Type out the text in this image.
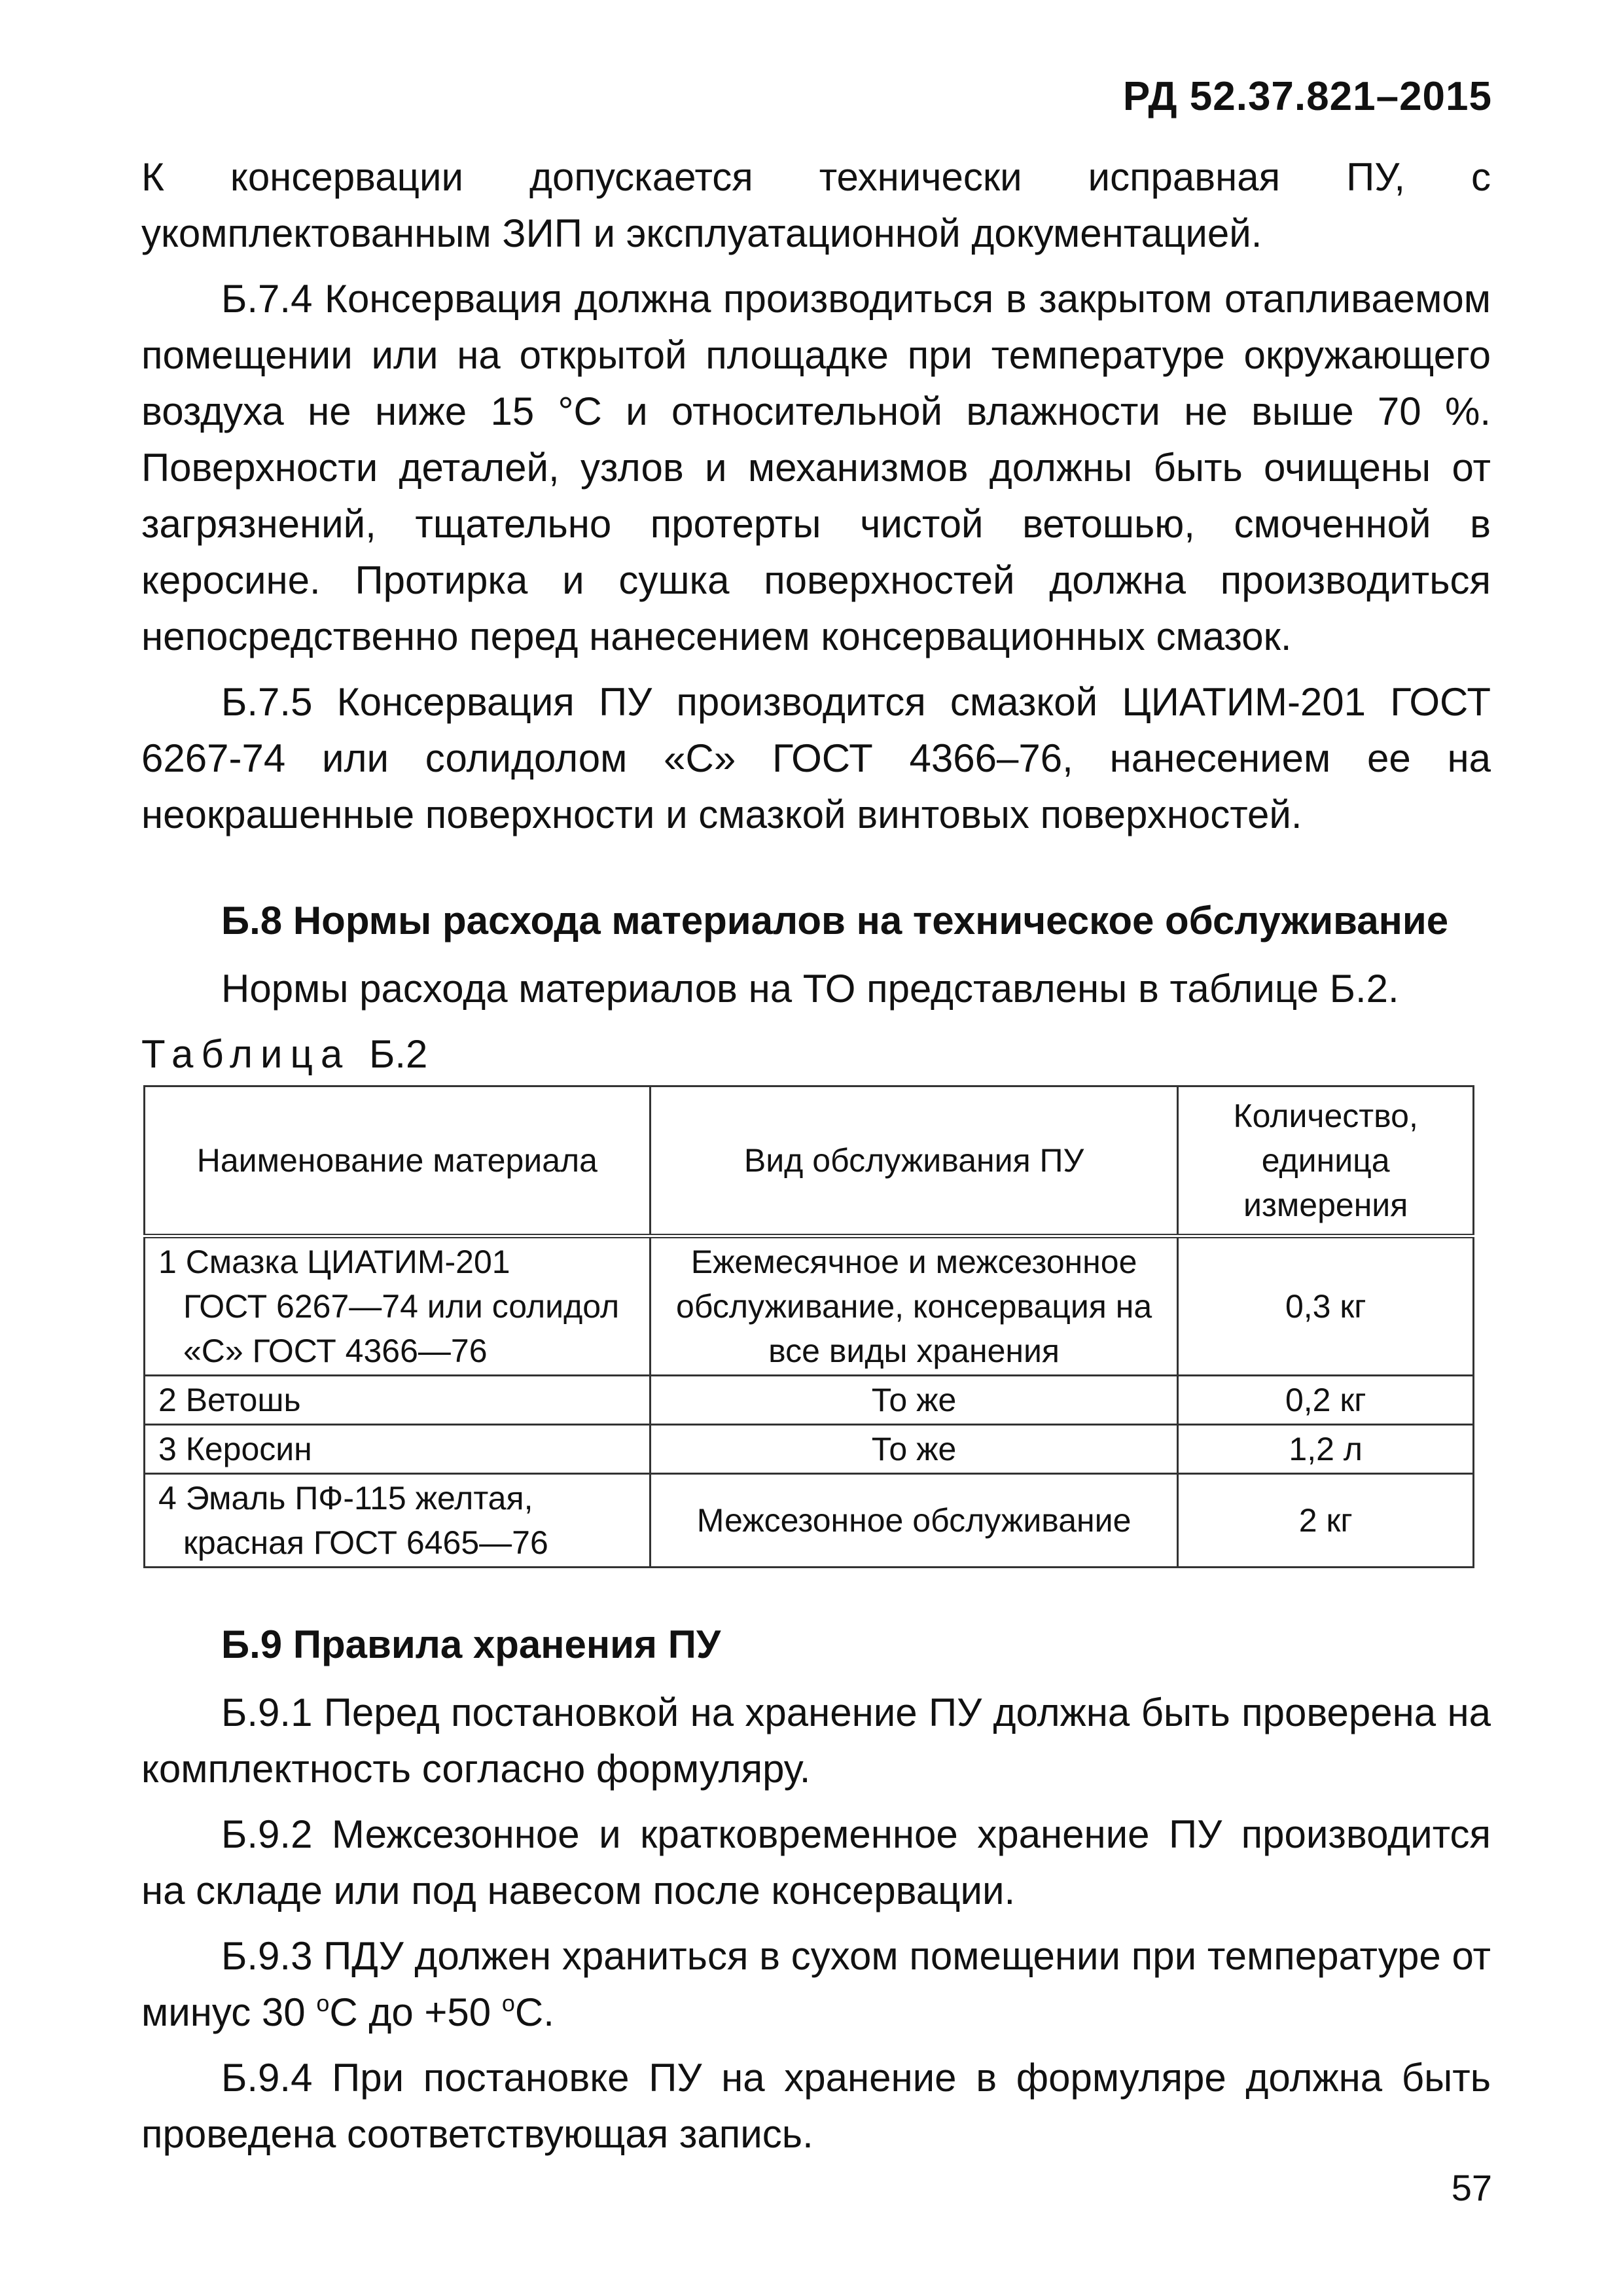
РД 52.37.821–2015

К консервации допускается технически исправная ПУ, с укомплектованным ЗИП и эксплуатационной документацией.

Б.7.4 Консервация должна производиться в закрытом отапливаемом помещении или на открытой площадке при температуре окружающего воздуха не ниже 15 °С и относительной влажности не выше 70 %. Поверхности деталей, узлов и механизмов должны быть очищены от загрязнений, тщательно протерты чистой ветошью, смоченной в керосине. Протирка и сушка поверхностей должна производиться непосредственно перед нанесением консервационных смазок.

Б.7.5 Консервация ПУ производится смазкой ЦИАТИМ-201 ГОСТ 6267-74 или солидолом «С» ГОСТ 4366–76, нанесением ее на неокрашенные поверхности и смазкой винтовых поверхностей.

Б.8 Нормы расхода материалов на техническое обслуживание

Нормы расхода материалов на ТО представлены в таблице Б.2.

Таблица Б.2

Наименование материала	Вид обслуживания ПУ	Количество, единица измерения
1 Смазка ЦИАТИМ-201
ГОСТ 6267—74 или солидол «С» ГОСТ 4366—76	Ежемесячное и межсезонное обслуживание, консервация на все виды хранения	0,3 кг
2 Ветошь	То же	0,2 кг
3 Керосин	То же	1,2 л
4 Эмаль ПФ-115 желтая,
красная ГОСТ 6465—76	Межсезонное обслуживание	2 кг
Б.9 Правила хранения ПУ

Б.9.1 Перед постановкой на хранение ПУ должна быть проверена на комплектность согласно формуляру.

Б.9.2 Межсезонное и кратковременное хранение ПУ производится на складе или под навесом после консервации.

Б.9.3 ПДУ должен храниться в сухом помещении при температуре от минус 30 $^о$С до +50 $^о$С.

Б.9.4 При постановке ПУ на хранение в формуляре должна быть проведена соответствующая запись.

57
